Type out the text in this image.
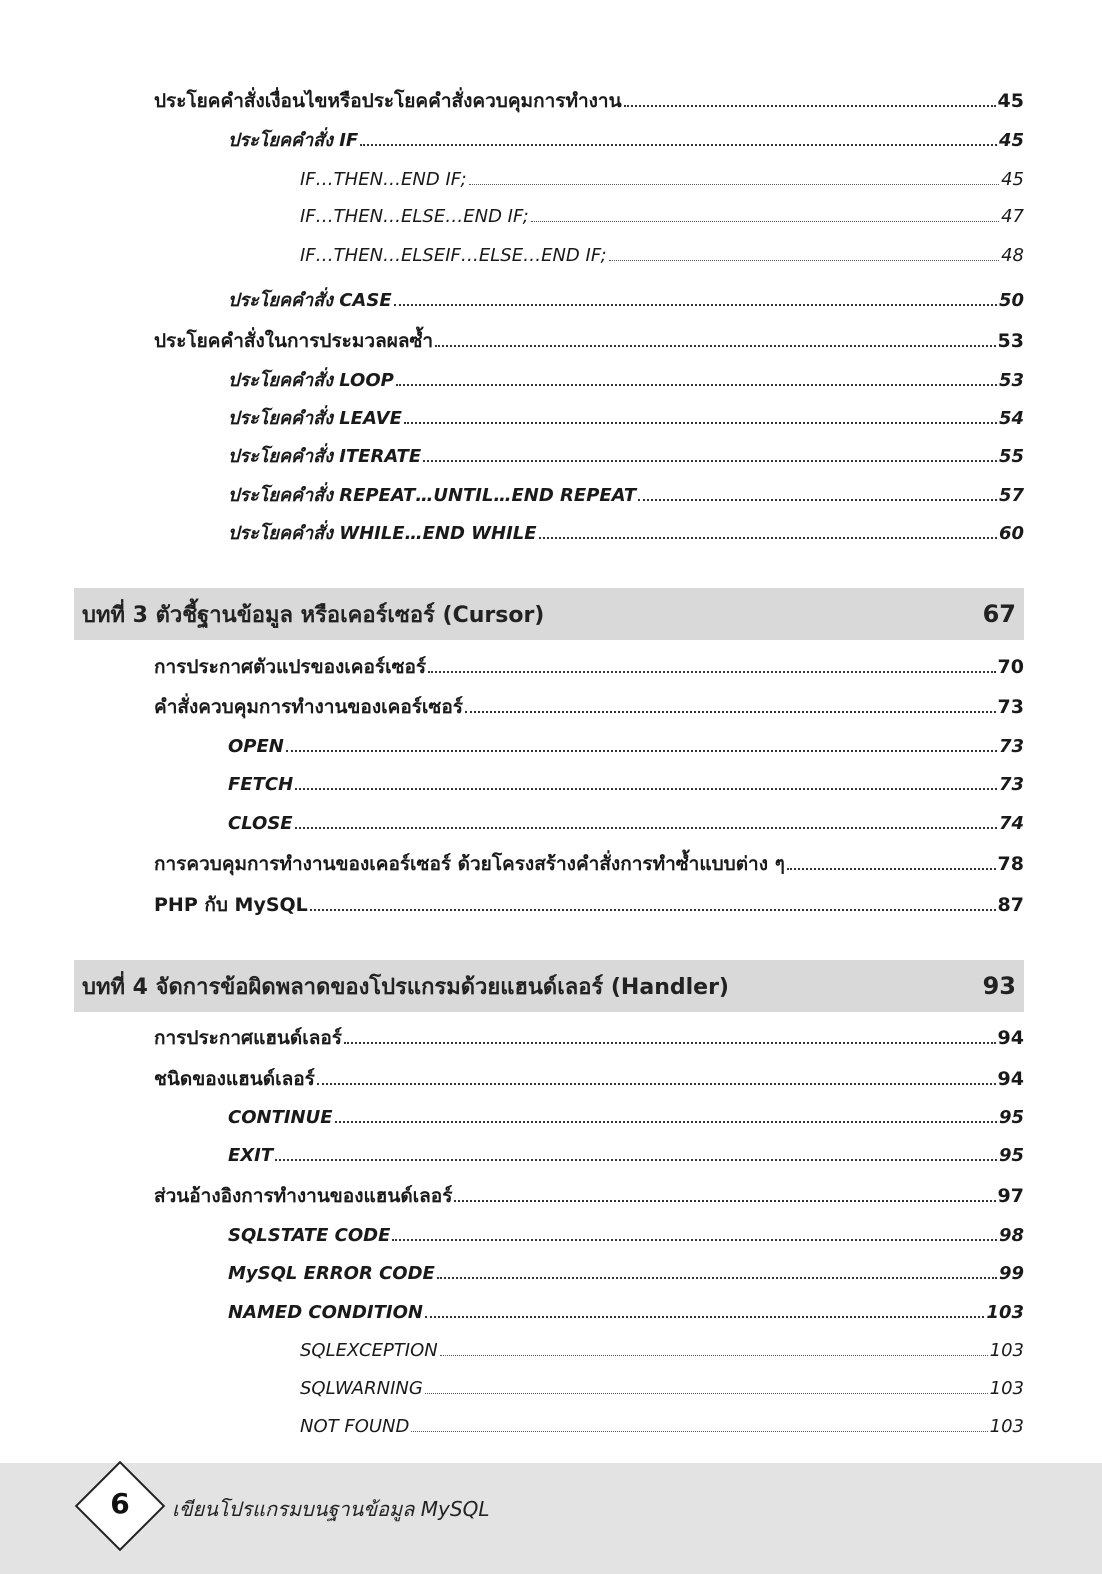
ประโยคคำสั่งเงื่อนไขหรือประโยคคำสั่งควบคุมการทำงาน	45
ประโยคคำสั่ง IF	45
IF…THEN…END IF;	45
IF…THEN…ELSE…END IF;	47
IF…THEN…ELSEIF…ELSE…END IF;	48
ประโยคคำสั่ง CASE	50
ประโยคคำสั่งในการประมวลผลซ้ำ	53
ประโยคคำสั่ง LOOP	53
ประโยคคำสั่ง LEAVE	54
ประโยคคำสั่ง ITERATE	55
ประโยคคำสั่ง REPEAT…UNTIL…END REPEAT	57
ประโยคคำสั่ง WHILE…END WHILE	60
บทที่ 3 ตัวชี้ฐานข้อมูล หรือเคอร์เซอร์ (Cursor)	67
การประกาศตัวแปรของเคอร์เซอร์	70
คำสั่งควบคุมการทำงานของเคอร์เซอร์	73
OPEN	73
FETCH	73
CLOSE	74
การควบคุมการทำงานของเคอร์เซอร์ ด้วยโครงสร้างคำสั่งการทำซ้ำแบบต่าง ๆ	78
PHP กับ MySQL	87
บทที่ 4 จัดการข้อผิดพลาดของโปรแกรมด้วยแฮนด์เลอร์ (Handler)	93
การประกาศแฮนด์เลอร์	94
ชนิดของแฮนด์เลอร์	94
CONTINUE	95
EXIT	95
ส่วนอ้างอิงการทำงานของแฮนด์เลอร์	97
SQLSTATE CODE	98
MySQL ERROR CODE	99
NAMED CONDITION	103
SQLEXCEPTION	103
SQLWARNING	103
NOT FOUND	103
6	เขียนโปรแกรมบนฐานข้อมูล MySQL
